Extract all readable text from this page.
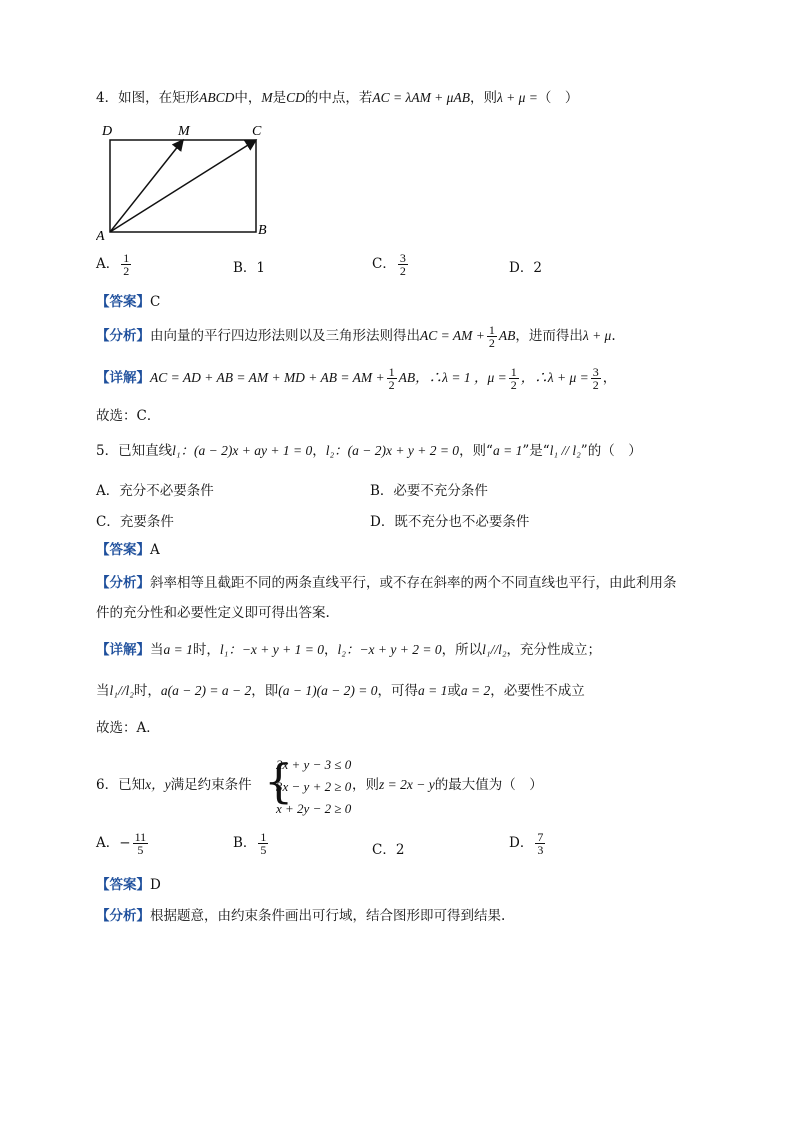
4．如图，在矩形ABCD中，M是CD的中点，若AC = λAM + μAB，则λ + μ =（　）
D	M	C
A	B
A． $\frac{1}{2}$	B．1	C． $\frac{3}{2}$	D．2
【答案】C
【分析】由向量的平行四边形法则以及三角形法则得出AC = AM + $\frac{1}{2}$ AB，进而得出λ + μ.
【详解】AC = AD + AB = AM + MD + AB = AM + $\frac{1}{2}$ AB，∴λ = 1 ，$\mu = \frac{1}{2}$ ，∴λ + $\mu = \frac{3}{2}$ ，
故选：C．
5．已知直线l₁：(a − 2)x + ay + 1 = 0，l₂：(a − 2)x + y + 2 = 0，则“a = 1”是“l₁ // l₂”的（　）
A．充分不必要条件	B．必要不充分条件
C．充要条件	D．既不充分也不必要条件
【答案】A
【分析】斜率相等且截距不同的两条直线平行，或不存在斜率的两个不同直线也平行，由此利用条
件的充分性和必要性定义即可得出答案.
【详解】当a = 1时，l₁：−x + y + 1 = 0，l₂：−x + y + 2 = 0，所以l₁//l₂，充分性成立；
当l₁//l₂时，a(a − 2) = a − 2，即(a − 1)(a − 2) = 0，可得a = 1或a = 2，必要性不成立
故选：A．
6．已知x，y满足约束条件 {
2x + y − 3 ≤ 0
3x − y + 2 ≥ 0
x + 2y − 2 ≥ 0
，则z = 2x − y的最大值为（　）
A．− $\frac{11}{5}$	B． $\frac{1}{5}$	C．2	D． $\frac{7}{3}$
【答案】D
【分析】根据题意，由约束条件画出可行域，结合图形即可得到结果.
